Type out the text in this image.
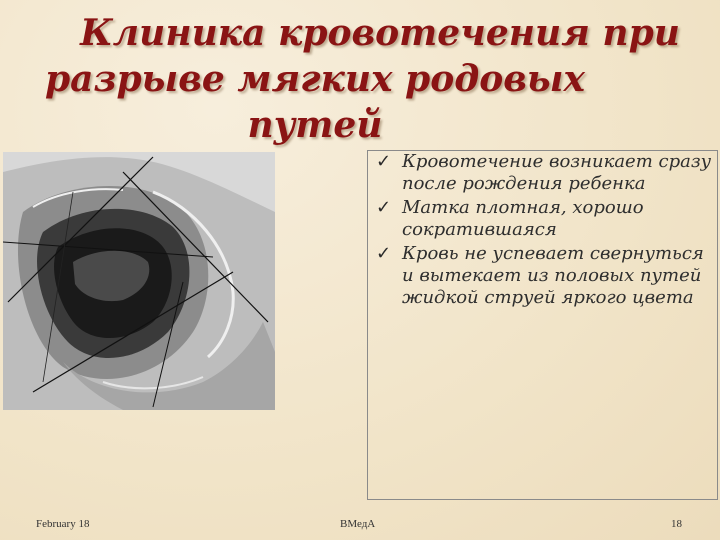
Клиника кровотечения при
разрыве мягких родовых путей
✓ Кровотечение возникает сразу после рождения ребенка
✓ Матка плотная, хорошо сократившаяся
✓ Кровь не успевает свернуться и вытекает из половых путей жидкой струей яркого цвета
February 18	ВМедА	18
